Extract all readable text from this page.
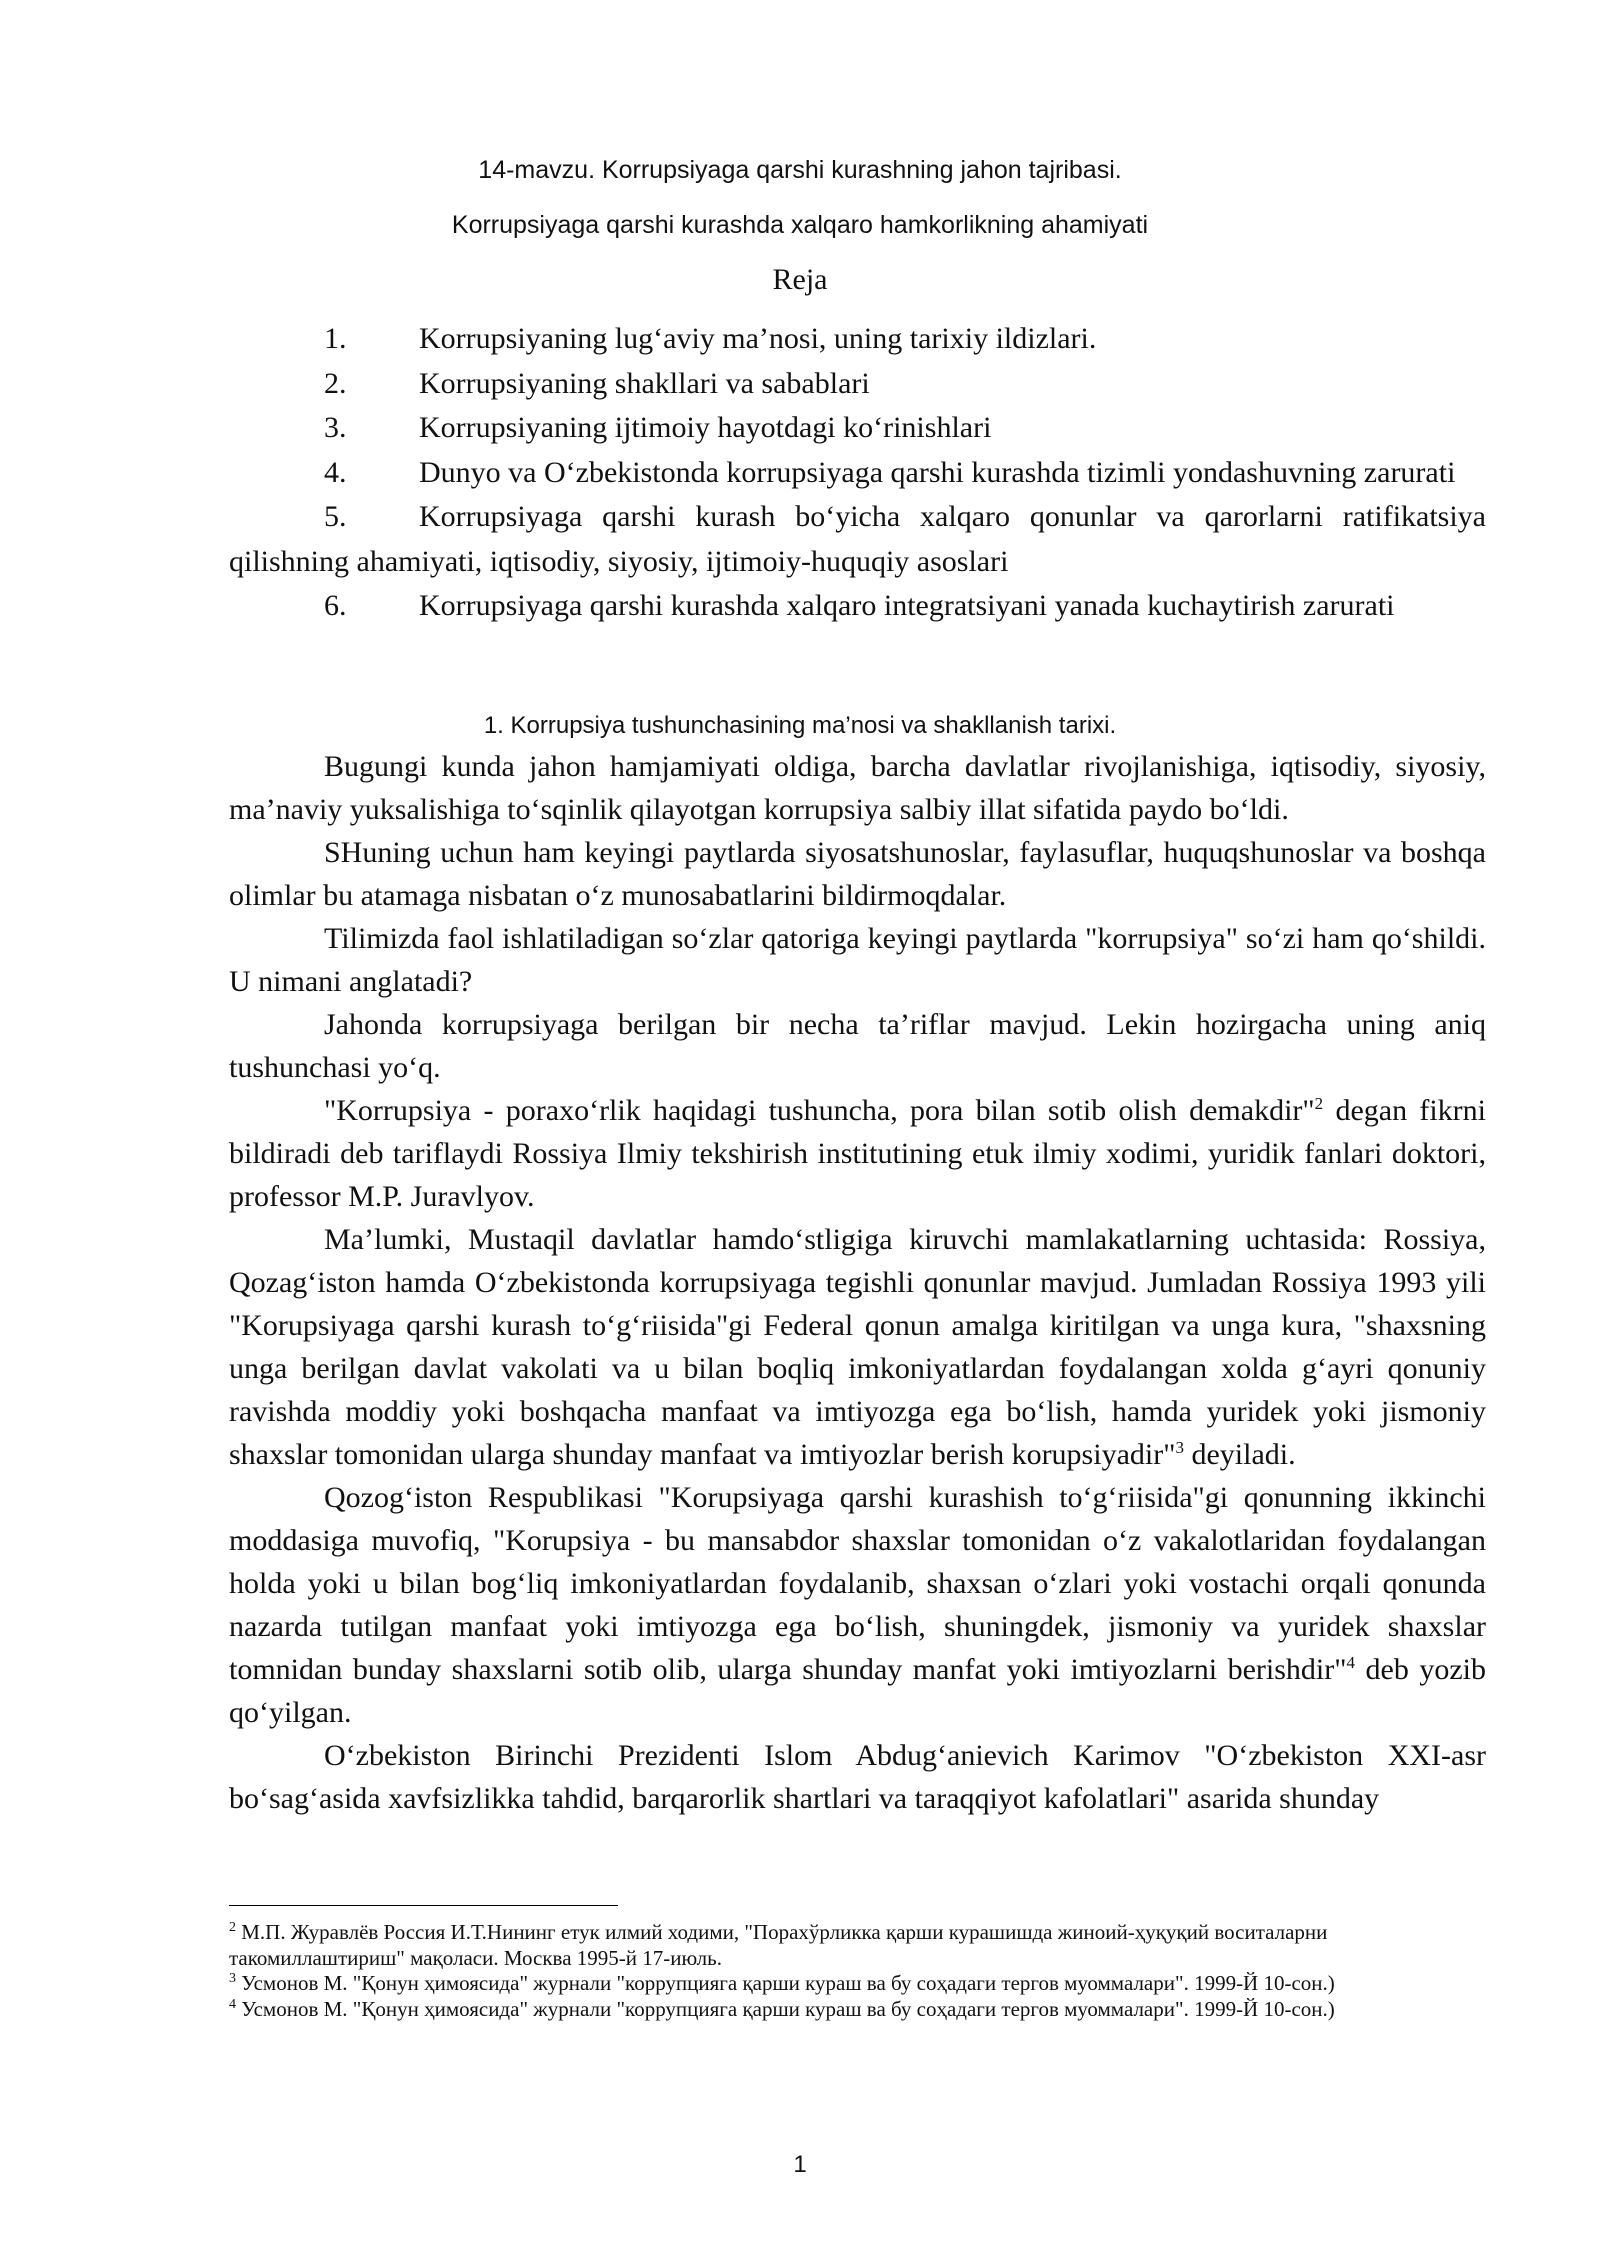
14-mavzu. Korrupsiyaga qarshi kurashning jahon tajribasi.
Korrupsiyaga qarshi kurashda xalqaro hamkorlikning ahamiyati
Reja
1. Korrupsiyaning lug‘aviy ma’nosi, uning tarixiy ildizlari.
2. Korrupsiyaning shakllari va sabablari
3. Korrupsiyaning ijtimoiy hayotdagi ko‘rinishlari
4. Dunyo va O‘zbekistonda korrupsiyaga qarshi kurashda tizimli yondashuvning zarurati
5. Korrupsiyaga qarshi kurash bo‘yicha xalqaro qonunlar va qarorlarni ratifikatsiya qilishning ahamiyati, iqtisodiy, siyosiy, ijtimoiy-huquqiy asoslari
6. Korrupsiyaga qarshi kurashda xalqaro integratsiyani yanada kuchaytirish zarurati
1. Korrupsiya tushunchasining ma’nosi va shakllanish tarixi.

Bugungi kunda jahon hamjamiyati oldiga, barcha davlatlar rivojlanishiga, iqtisodiy, siyosiy, ma’naviy yuksalishiga to‘sqinlik qilayotgan korrupsiya salbiy illat sifatida paydo bo‘ldi.

SHuning uchun ham keyingi paytlarda siyosatshunoslar, faylasuflar, huquqshunoslar va boshqa olimlar bu atamaga nisbatan o‘z munosabatlarini bildirmoqdalar.

Tilimizda faol ishlatiladigan so‘zlar qatoriga keyingi paytlarda "korrupsiya" so‘zi ham qo‘shildi. U nimani anglatadi?

Jahonda korrupsiyaga berilgan bir necha ta’riflar mavjud. Lekin hozirgacha uning aniq tushunchasi yo‘q.

"Korrupsiya - poraxo‘rlik haqidagi tushuncha, pora bilan sotib olish demakdir"$^2$ degan fikrni bildiradi deb tariflaydi Rossiya Ilmiy tekshirish institutining etuk ilmiy xodimi, yuridik fanlari doktori, professor M.P. Juravlyov.

Ma’lumki, Mustaqil davlatlar hamdo‘stligiga kiruvchi mamlakatlarning uchtasida: Rossiya, Qozag‘iston hamda O‘zbekistonda korrupsiyaga tegishli qonunlar mavjud. Jumladan Rossiya 1993 yili "Korupsiyaga qarshi kurash to‘g‘riisida"gi Federal qonun amalga kiritilgan va unga kura, "shaxsning unga berilgan davlat vakolati va u bilan boqliq imkoniyatlardan foydalangan xolda g‘ayri qonuniy ravishda moddiy yoki boshqacha manfaat va imtiyozga ega bo‘lish, hamda yuridek yoki jismoniy shaxslar tomonidan ularga shunday manfaat va imtiyozlar berish korupsiyadir"$^3$ deyiladi.

Qozog‘iston Respublikasi "Korupsiyaga qarshi kurashish to‘g‘riisida"gi qonunning ikkinchi moddasiga muvofiq, "Korupsiya - bu mansabdor shaxslar tomonidan o‘z vakalotlaridan foydalangan holda yoki u bilan bog‘liq imkoniyatlardan foydalanib, shaxsan o‘zlari yoki vostachi orqali qonunda nazarda tutilgan manfaat yoki imtiyozga ega bo‘lish, shuningdek, jismoniy va yuridek shaxslar tomnidan bunday shaxslarni sotib olib, ularga shunday manfat yoki imtiyozlarni berishdir"$^4$ deb yozib qo‘yilgan.

O‘zbekiston Birinchi Prezidenti Islom Abdug‘anievich Karimov "O‘zbekiston XXI-asr bo‘sag‘asida xavfsizlikka tahdid, barqarorlik shartlari va taraqqiyot kafolatlari" asarida shunday

$^2$ М.П. Журавлёв Россия И.Т.Нининг етук илмий ходими, "Порахўрликка қарши курашишда жиноий-ҳуқуқий воситаларни такомиллаштириш" мақоласи. Москва 1995-й 17-июль.

$^3$ Усмонов М. "Қонун ҳимоясида" журнали "коррупцияга қарши кураш ва бу соҳадаги тергов муоммалари". 1999-Й 10-сон.)

$^4$ Усмонов М. "Қонун ҳимоясида" журнали "коррупцияга қарши кураш ва бу соҳадаги тергов муоммалари". 1999-Й 10-сон.)

1
